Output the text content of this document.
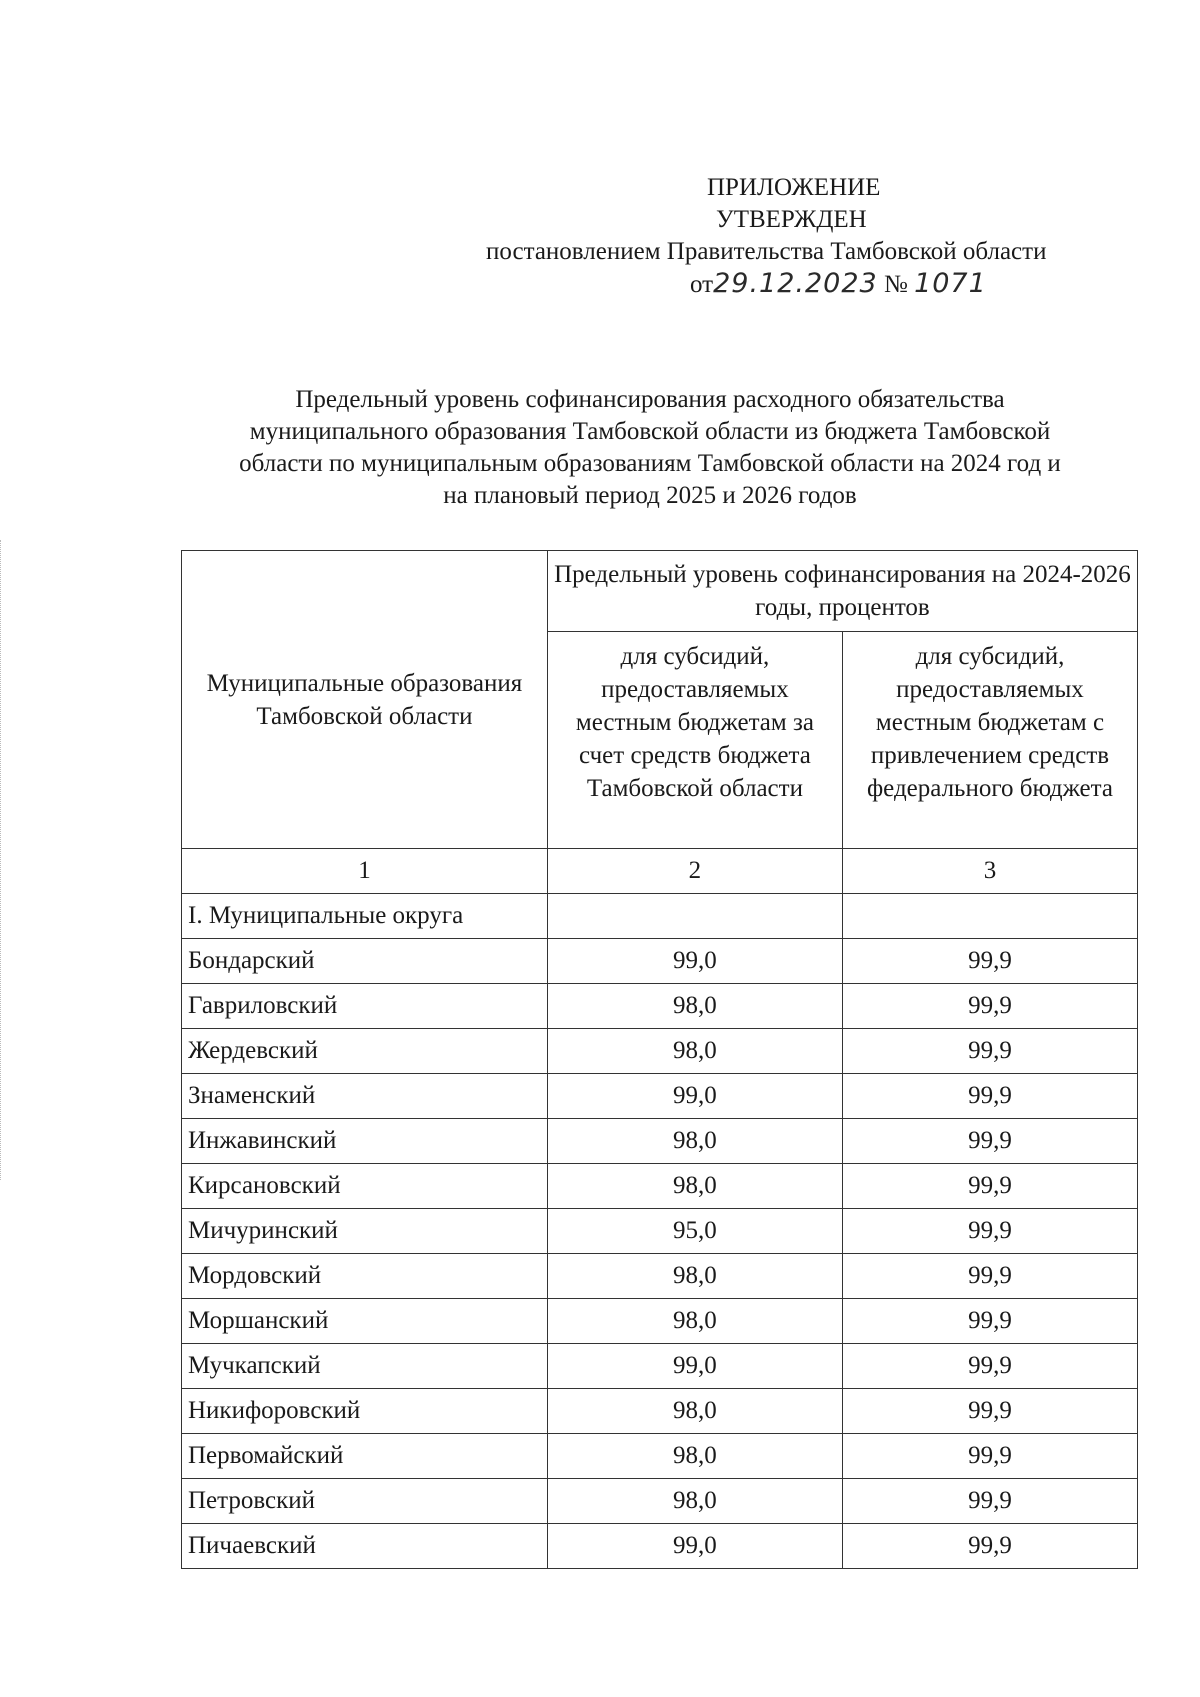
ПРИЛОЖЕНИЕ
УТВЕРЖДЕН
постановлением Правительства Тамбовской области
от29.12.2023 № 1071
Предельный уровень софинансирования расходного обязательства
муниципального образования Тамбовской области из бюджета Тамбовской
области по муниципальным образованиям Тамбовской области на 2024 год и
на плановый период 2025 и 2026 годов
Муниципальные образования Тамбовской области	Предельный уровень софинансирования на 2024-2026 годы, процентов	
	для субсидий, предоставляемых местным бюджетам за счет средств бюджета Тамбовской области	для субсидий, предоставляемых местным бюджетам с привлечением средств федерального бюджета
1	2	3
I. Муниципальные округа		
Бондарский	99,0	99,9
Гавриловский	98,0	99,9
Жердевский	98,0	99,9
Знаменский	99,0	99,9
Инжавинский	98,0	99,9
Кирсановский	98,0	99,9
Мичуринский	95,0	99,9
Мордовский	98,0	99,9
Моршанский	98,0	99,9
Мучкапский	99,0	99,9
Никифоровский	98,0	99,9
Первомайский	98,0	99,9
Петровский	98,0	99,9
Пичаевский	99,0	99,9
